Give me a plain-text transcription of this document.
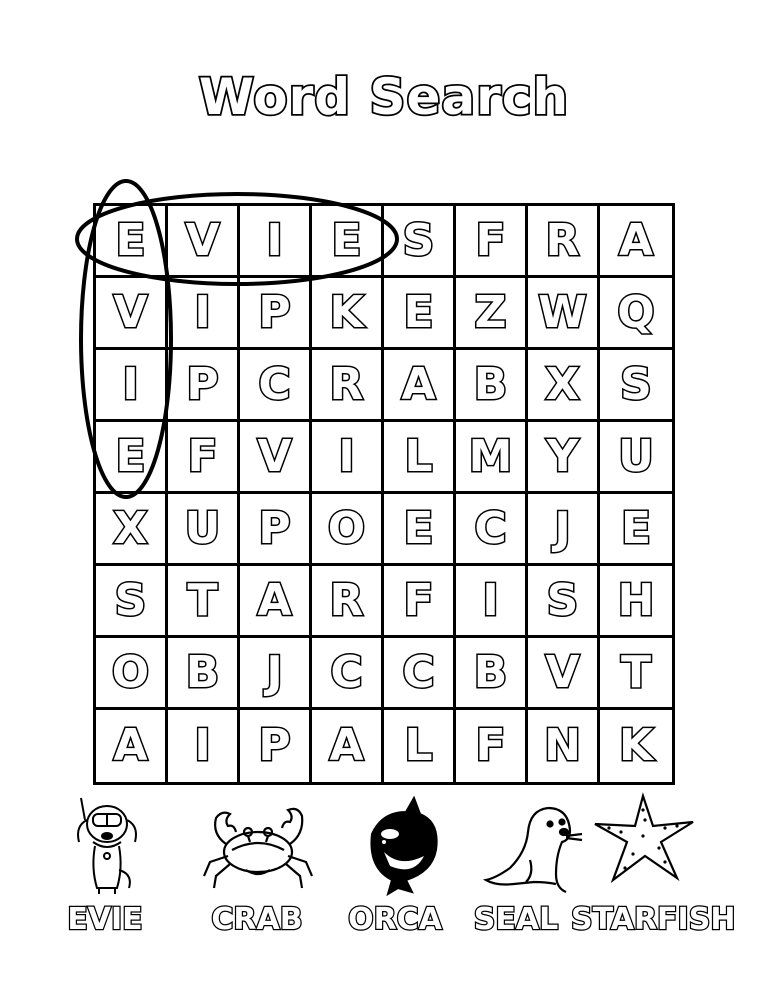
Word Search
E V	I	E S F R A
V	I	P K E Z W Q
I	P C R A B X S
E F V	I	L M Y U
X U P O E C	J	E
S T A R F	I	S H
O B	J	C C B V T
A	I	P A L F N K
EVIE	CRAB	ORCA	SEAL STARFISH
